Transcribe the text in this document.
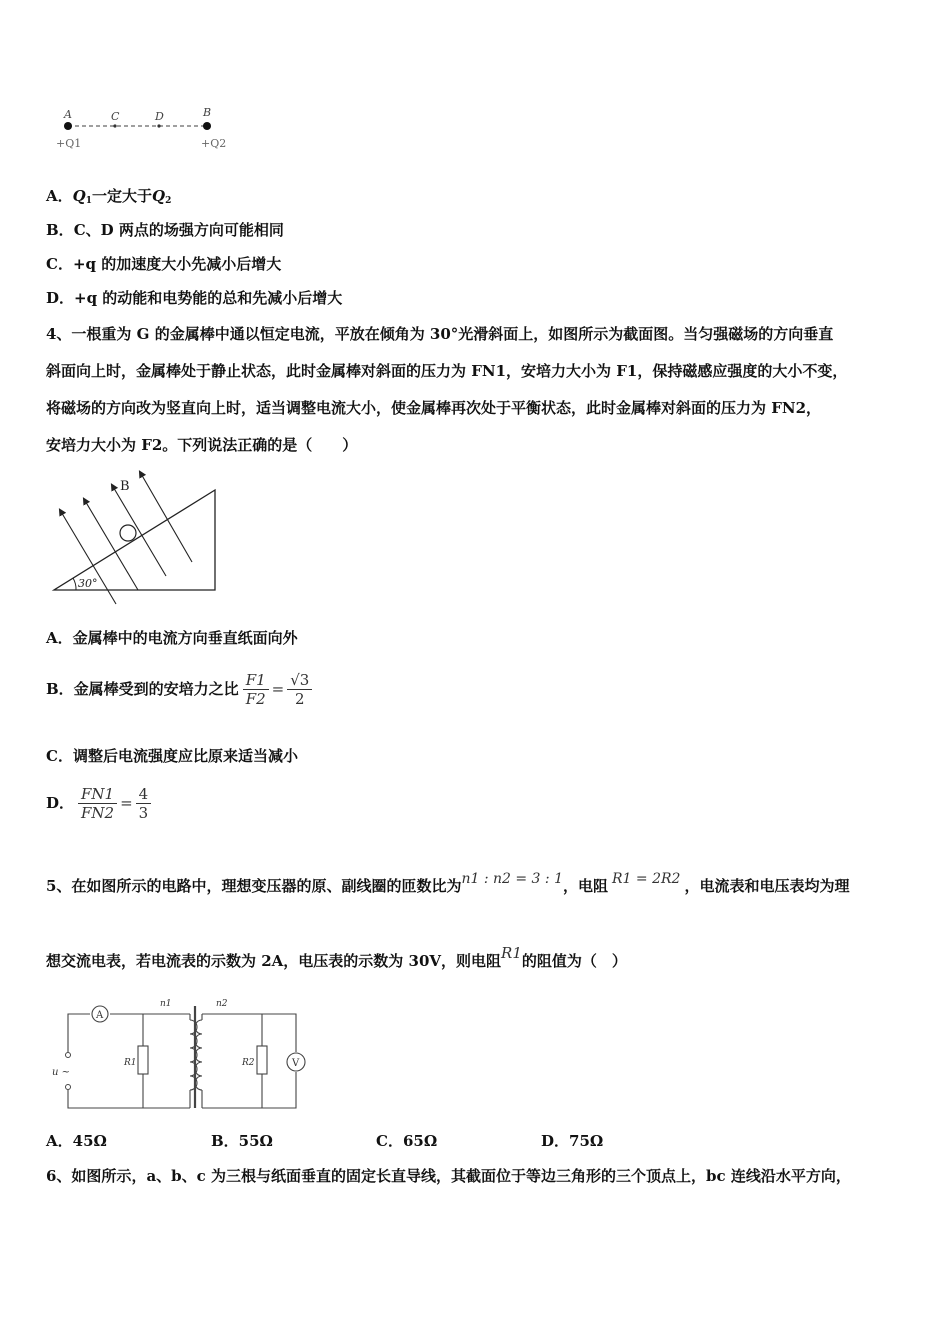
A	C	D	B
+Q1	+Q2
A．$Q_1$一定大于$Q_2$
B．C、D 两点的场强方向可能相同
C．+q 的加速度大小先减小后增大
D．+q 的动能和电势能的总和先减小后增大
4、一根重为 G 的金属棒中通以恒定电流，平放在倾角为 30°光滑斜面上，如图所示为截面图。当匀强磁场的方向垂直
斜面向上时，金属棒处于静止状态，此时金属棒对斜面的压力为 FN1，安培力大小为 F1，保持磁感应强度的大小不变，
将磁场的方向改为竖直向上时，适当调整电流大小，使金属棒再次处于平衡状态，此时金属棒对斜面的压力为 FN2，
安培力大小为 F2。下列说法正确的是（　　）
B
30°
A．金属棒中的电流方向垂直纸面向外
B．金属棒受到的安培力之比 $\frac{F1}{F2} = \frac{√3}{2}$
C．调整后电流强度应比原来适当减小
D． $\frac{FN1}{FN2} = \frac{4}{3}$
5、在如图所示的电路中，理想变压器的原、副线圈的匝数比为n1 : n2 = 3 : 1，电阻 R1 = 2R2 ，电流表和电压表均为理
想交流电表，若电流表的示数为 2A，电压表的示数为 30V，则电阻R1的阻值为（　）
A
V
u ~
n1	n2
R1	R2
A．45Ω	B．55Ω	C．65Ω	D．75Ω
6、如图所示，a、b、c 为三根与纸面垂直的固定长直导线，其截面位于等边三角形的三个顶点上，bc 连线沿水平方向，
